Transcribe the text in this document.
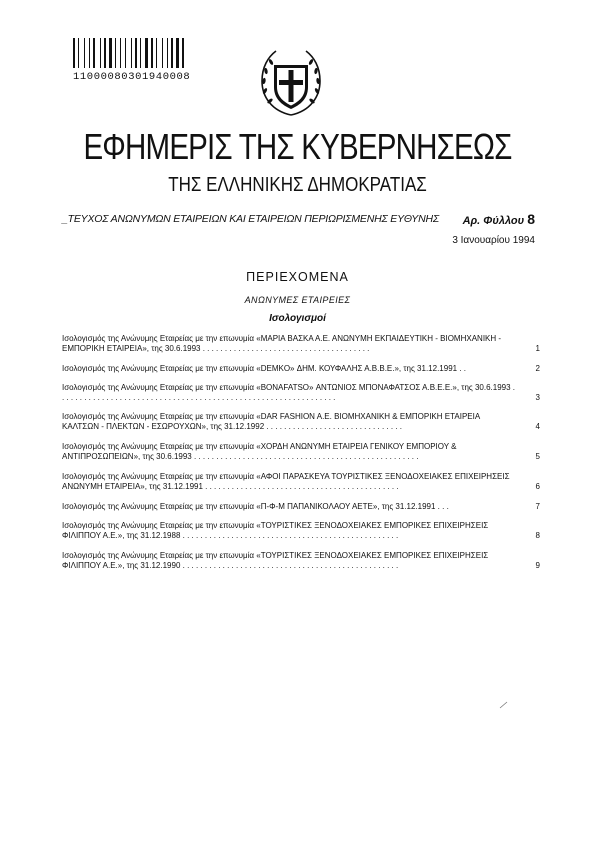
11000080301940008
ΕΦΗΜΕΡΙΣ ΤΗΣ ΚΥΒΕΡΝΗΣΕΩΣ
ΤΗΣ ΕΛΛΗΝΙΚΗΣ ΔΗΜΟΚΡΑΤΙΑΣ
_ΤΕΥΧΟΣ ΑΝΩΝΥΜΩΝ ΕΤΑΙΡΕΙΩΝ ΚΑΙ ΕΤΑΙΡΕΙΩΝ ΠΕΡΙΩΡΙΣΜΕΝΗΣ ΕΥΘΥΝΗΣ Αρ. Φύλλου 8
3 Ιανουαρίου 1994
ΠΕΡΙΕΧΟΜΕΝΑ
ΑΝΩΝΥΜΕΣ ΕΤΑΙΡΕΙΕΣ
Ισολογισμοί
Ισολογισμός της Ανώνυμης Εταιρείας με την επωνυμία «ΜΑΡΙΑ ΒΑΣΚΑ Α.Ε. ΑΝΩΝΥΜΗ ΕΚΠΑΙΔΕΥΤΙΚΗ - ΒΙΟΜΗΧΑΝΙΚΗ - ΕΜΠΟΡΙΚΗ ΕΤΑΙΡΕΙΑ», της 30.6.1993 . . . . . . . . . . . . . . . . . . . . . . . . . . . . . . . . . . . . . .	1
Ισολογισμός της Ανώνυμης Εταιρείας με την επωνυμία «DEMKO» ΔΗΜ. ΚΟΥΦΑΛΗΣ Α.Β.Β.Ε.», της 31.12.1991 . .	2
Ισολογισμός της Ανώνυμης Εταιρείας με την επωνυμία «BONAFATSO» ΑΝΤΩΝΙΟΣ ΜΠΟΝΑΦΑΤΣΟΣ Α.Β.Ε.Ε.», της 30.6.1993 . . . . . . . . . . . . . . . . . . . . . . . . . . . . . . . . . . . . . . . . . . . . . . . . . . . . . . . . . . . . . . .	3
Ισολογισμός της Ανώνυμης Εταιρείας με την επωνυμία «DAR FASHION A.E. ΒΙΟΜΗΧΑΝΙΚΗ & ΕΜΠΟΡΙΚΗ ΕΤΑΙΡΕΙΑ ΚΑΛΤΣΩΝ - ΠΛΕΚΤΩΝ - ΕΣΩΡΟΥΧΩΝ», της 31.12.1992 . . . . . . . . . . . . . . . . . . . . . . . . . . . . . . .	4
Ισολογισμός της Ανώνυμης Εταιρείας με την επωνυμία «ΧΟΡΔΗ ΑΝΩΝΥΜΗ ΕΤΑΙΡΕΙΑ ΓΕΝΙΚΟΥ ΕΜΠΟΡΙΟΥ & ΑΝΤΙΠΡΟΣΩΠΕΙΩΝ», της 30.6.1993 . . . . . . . . . . . . . . . . . . . . . . . . . . . . . . . . . . . . . . . . . . . . . . . . . . .	5
Ισολογισμός της Ανώνυμης Εταιρείας με την επωνυμία «ΑΦΟΙ ΠΑΡΑΣΚΕΥΑ ΤΟΥΡΙΣΤΙΚΕΣ ΞΕΝΟΔΟΧΕΙΑΚΕΣ ΕΠΙΧΕΙΡΗΣΕΙΣ ΑΝΩΝΥΜΗ ΕΤΑΙΡΕΙΑ», της 31.12.1991 . . . . . . . . . . . . . . . . . . . . . . . . . . . . . . . . . . . . . . . . . . . .	6
Ισολογισμός της Ανώνυμης Εταιρείας με την επωνυμία «Π-Φ-Μ ΠΑΠΑΝΙΚΟΛΑΟΥ ΑΕΤΕ», της 31.12.1991 . . .	7
Ισολογισμός της Ανώνυμης Εταιρείας με την επωνυμία «ΤΟΥΡΙΣΤΙΚΕΣ ΞΕΝΟΔΟΧΕΙΑΚΕΣ ΕΜΠΟΡΙΚΕΣ ΕΠΙΧΕΙΡΗΣΕΙΣ ΦΙΛΙΠΠΟΥ Α.Ε.», της 31.12.1988 . . . . . . . . . . . . . . . . . . . . . . . . . . . . . . . . . . . . . . . . . . . . . . . . .	8
Ισολογισμός της Ανώνυμης Εταιρείας με την επωνυμία «ΤΟΥΡΙΣΤΙΚΕΣ ΞΕΝΟΔΟΧΕΙΑΚΕΣ ΕΜΠΟΡΙΚΕΣ ΕΠΙΧΕΙΡΗΣΕΙΣ ΦΙΛΙΠΠΟΥ Α.Ε.», της 31.12.1990 . . . . . . . . . . . . . . . . . . . . . . . . . . . . . . . . . . . . . . . . . . . . . . . . .	9
